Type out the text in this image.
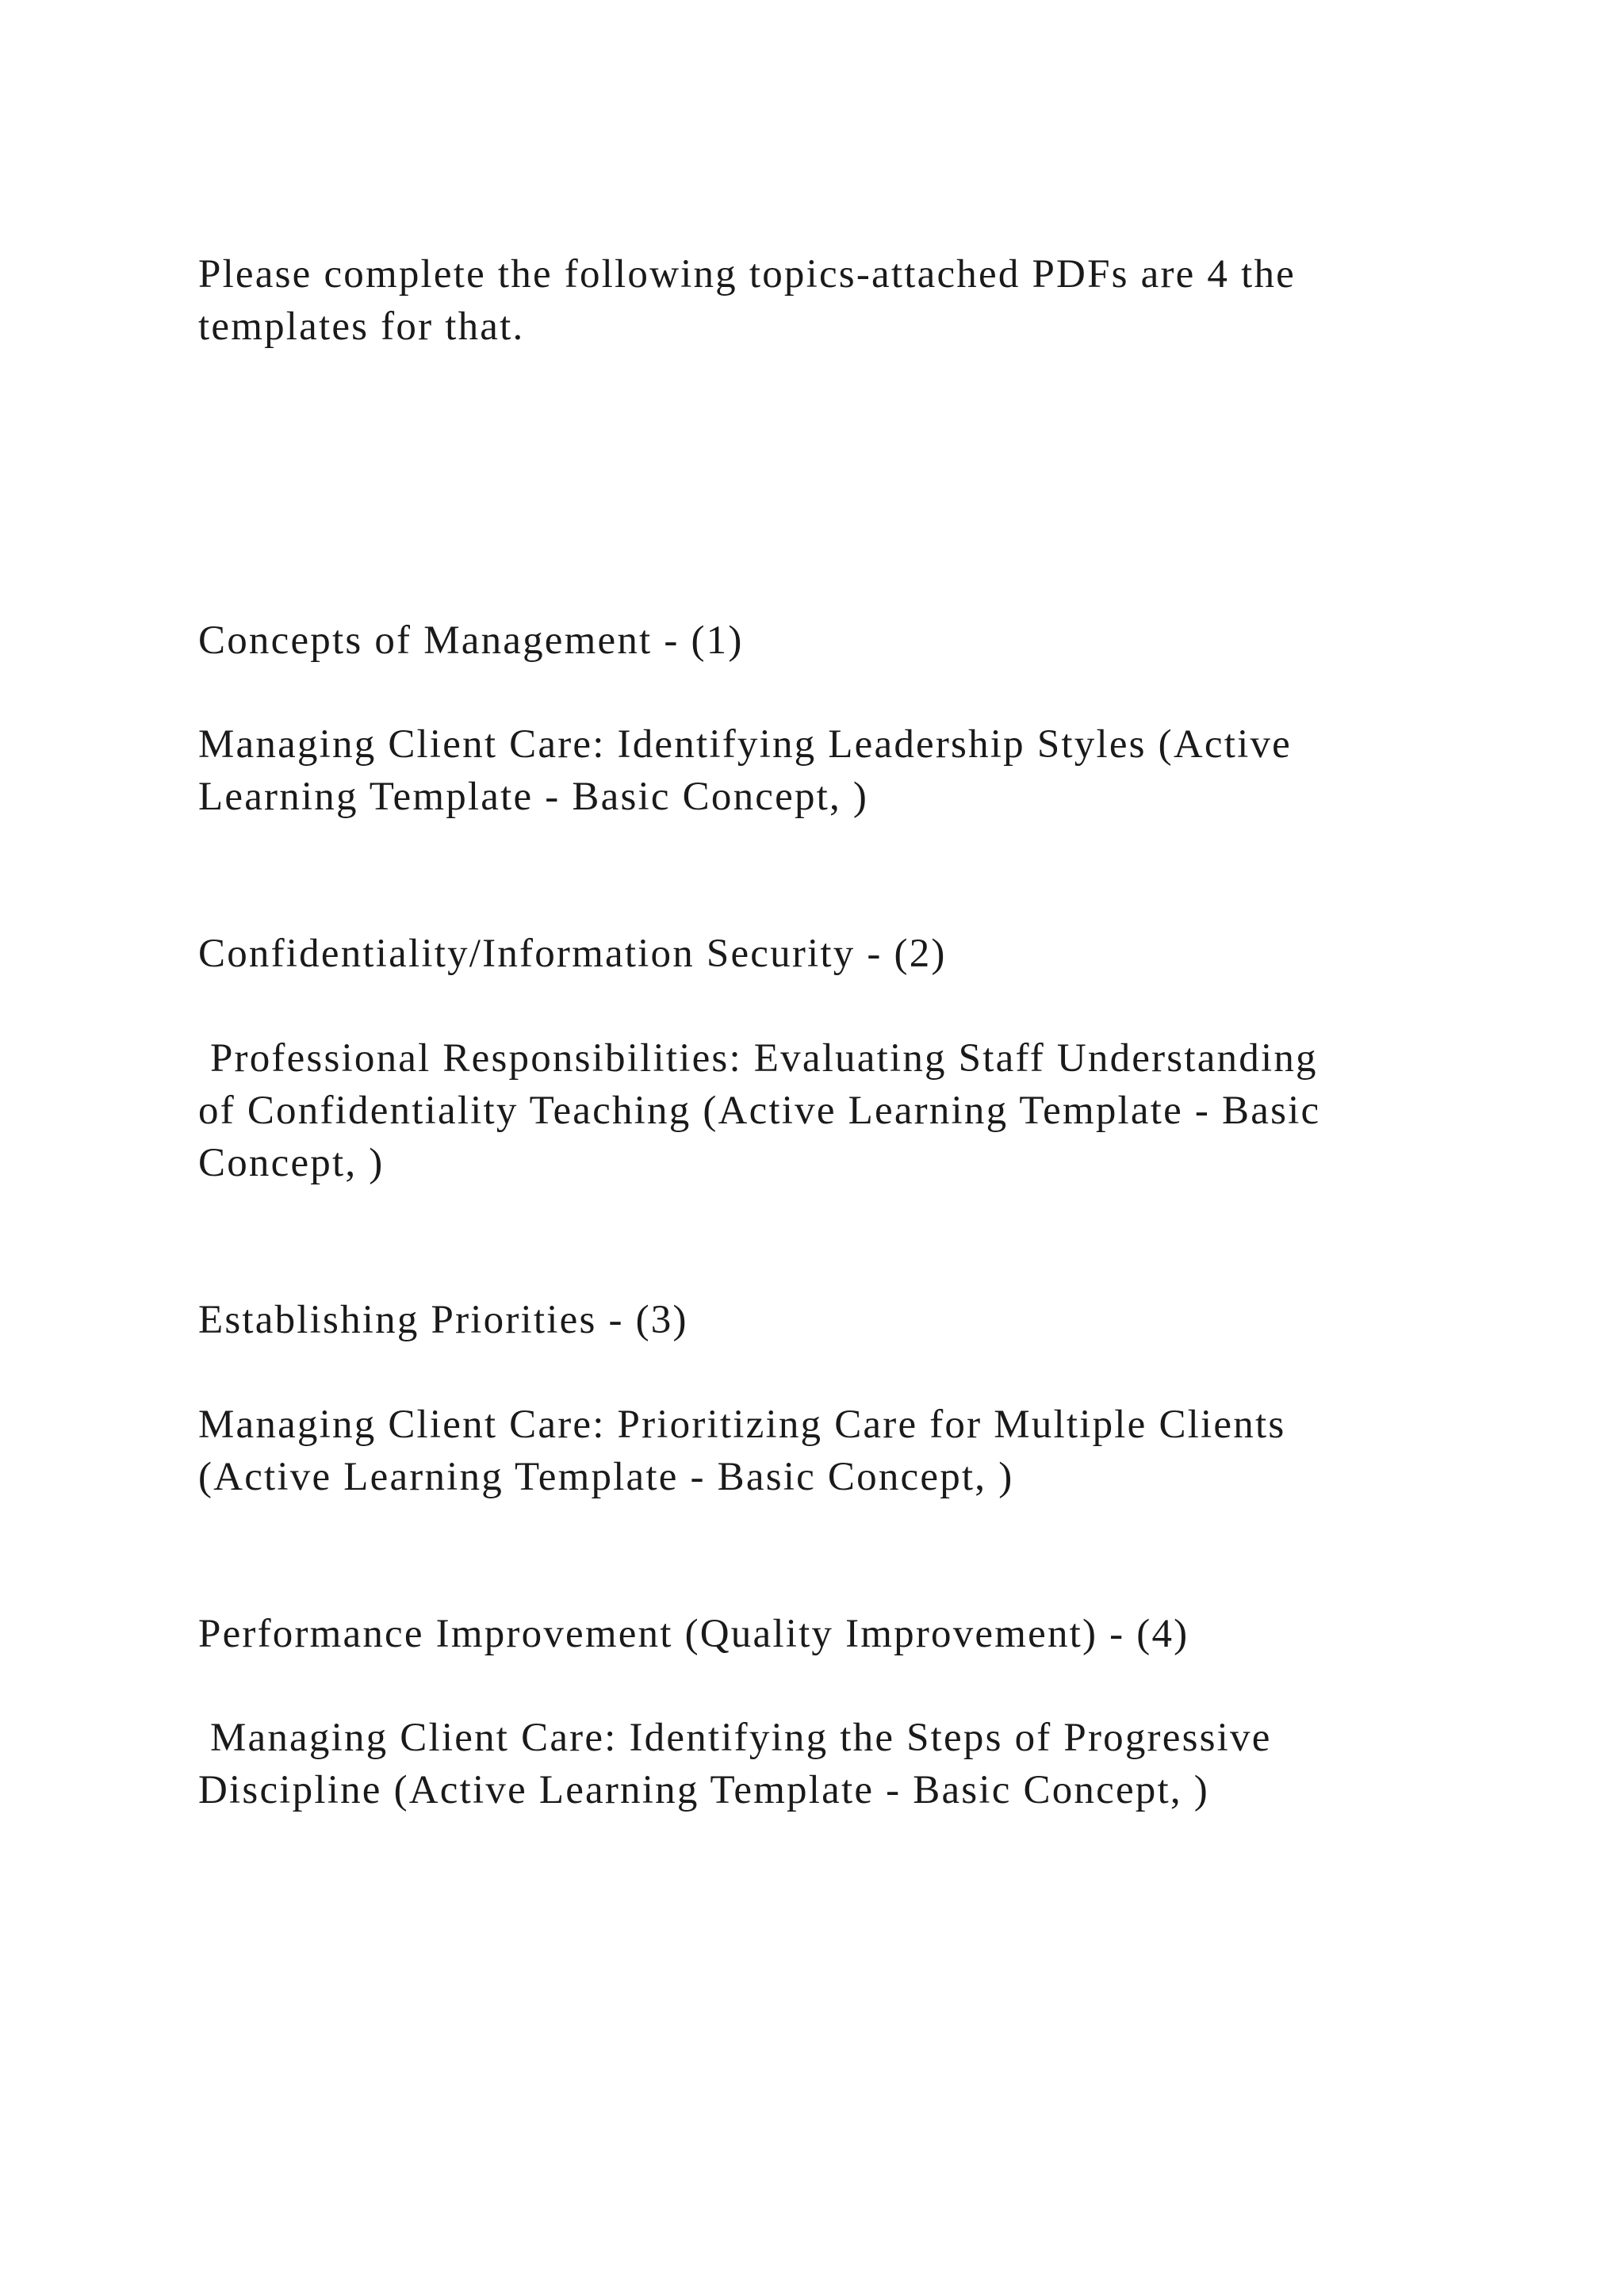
Please complete the following topics-attached PDFs are 4 the
templates for that.
Concepts of Management - (1)
Managing Client Care: Identifying Leadership Styles (Active
Learning Template - Basic Concept, )
Confidentiality/Information Security - (2)
Professional Responsibilities: Evaluating Staff Understanding
of Confidentiality Teaching (Active Learning Template - Basic
Concept, )
Establishing Priorities - (3)
Managing Client Care: Prioritizing Care for Multiple Clients
(Active Learning Template - Basic Concept, )
Performance Improvement (Quality Improvement) - (4)
Managing Client Care: Identifying the Steps of Progressive
Discipline (Active Learning Template - Basic Concept, )
